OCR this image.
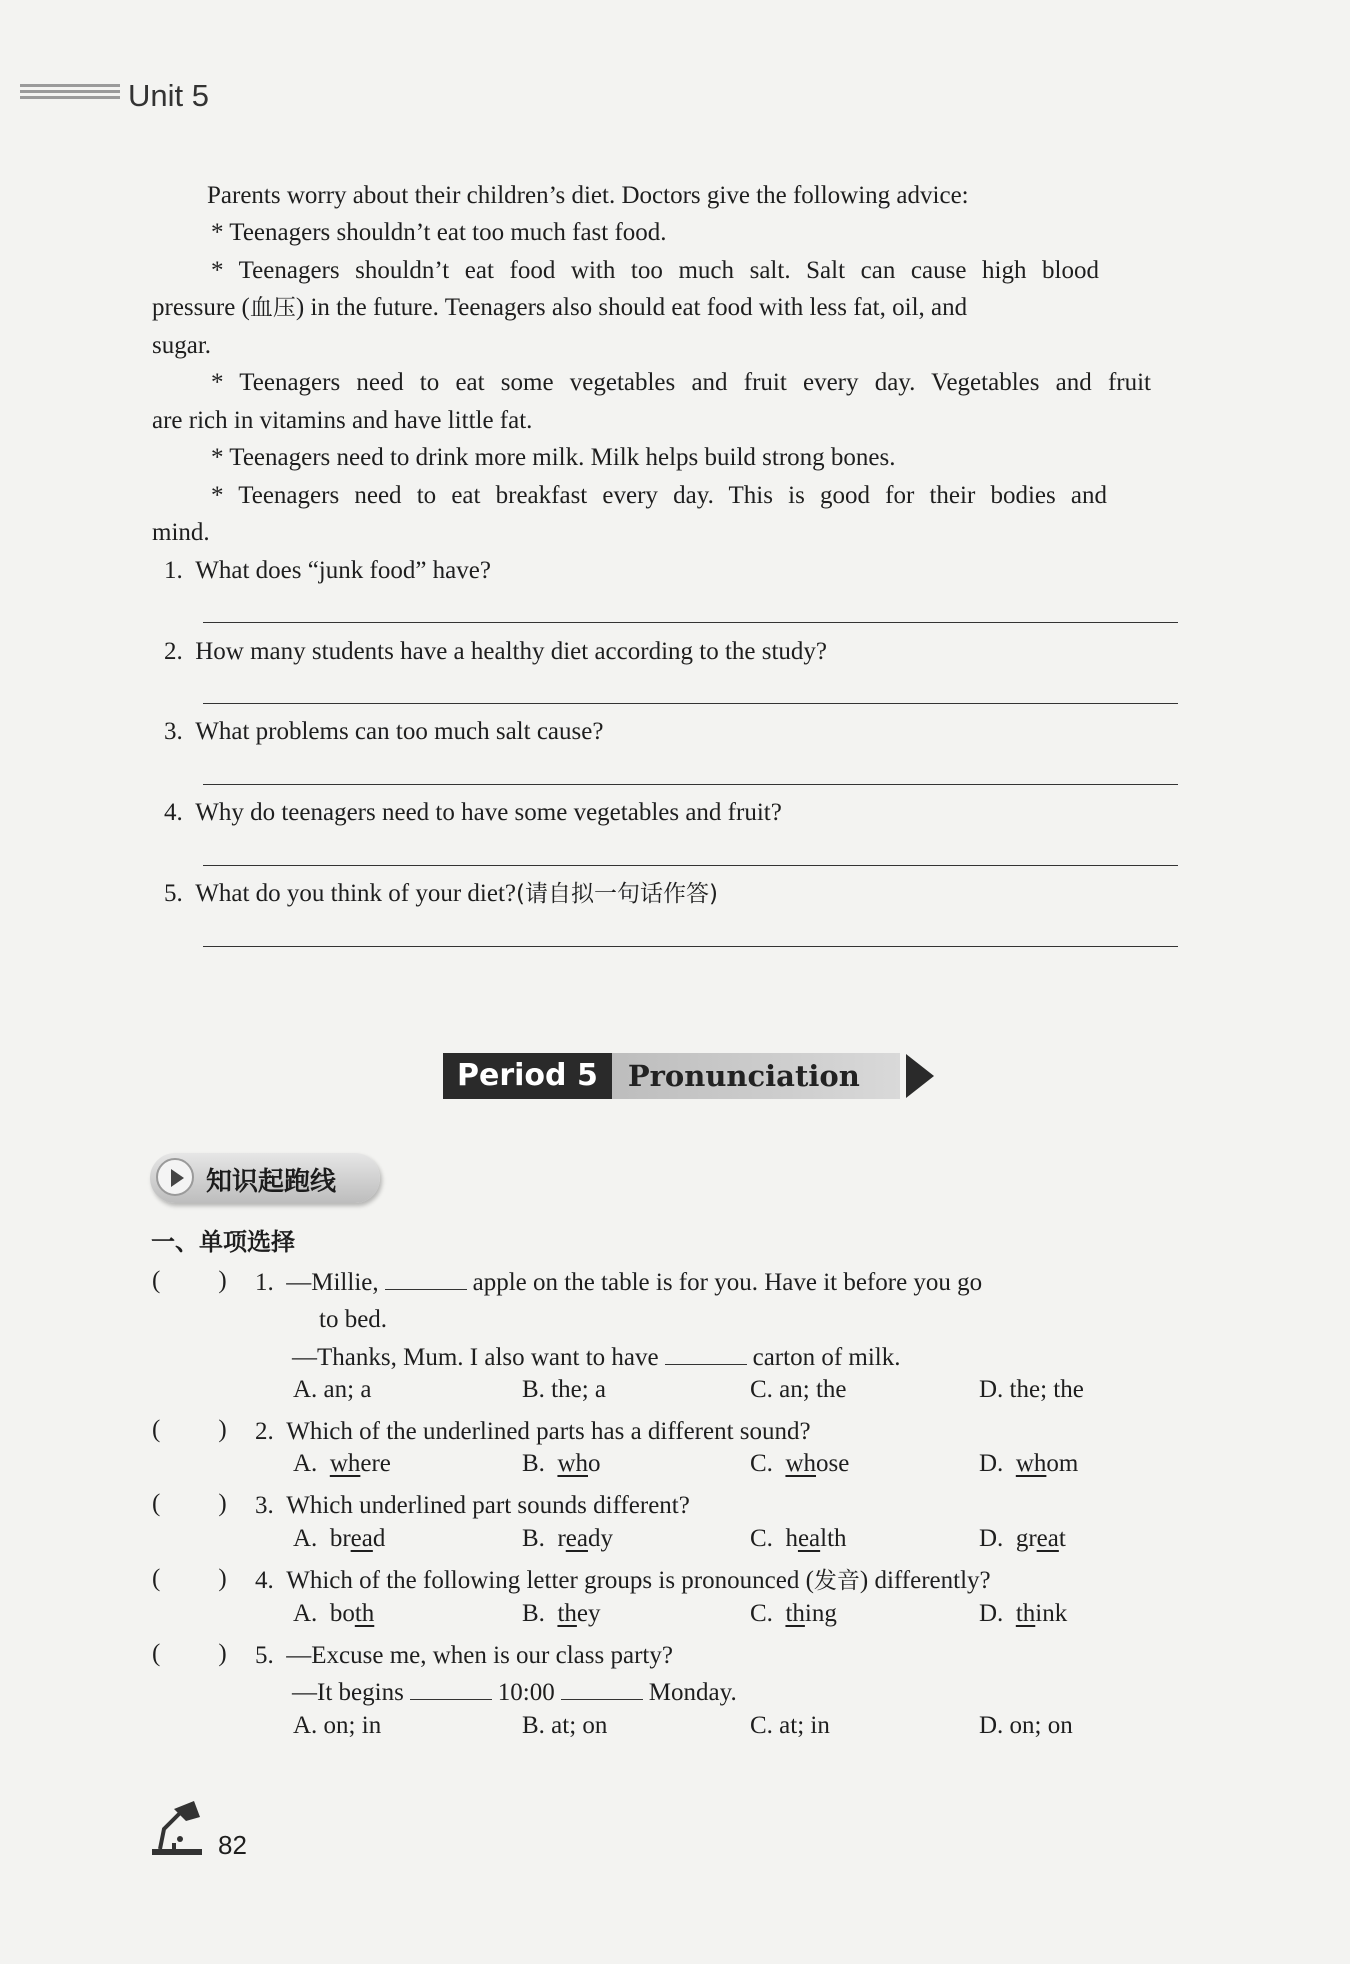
Unit 5
Parents worry about their children’s diet. Doctors give the following advice:
* Teenagers shouldn’t eat too much fast food.
* Teenagers shouldn’t eat food with too much salt. Salt can cause high blood
pressure (血压) in the future. Teenagers also should eat food with less fat, oil, and
sugar.
* Teenagers need to eat some vegetables and fruit every day. Vegetables and fruit
are rich in vitamins and have little fat.
* Teenagers need to drink more milk. Milk helps build strong bones.
* Teenagers need to eat breakfast every day. This is good for their bodies and
mind.
1. What does “junk food” have?
2. How many students have a healthy diet according to the study?
3. What problems can too much salt cause?
4. Why do teenagers need to have some vegetables and fruit?
5. What do you think of your diet?(请自拟一句话作答)
Period 5	Pronunciation
知识起跑线
一、单项选择
( ) 1. —Millie,	apple on the table is for you. Have it before you go
to bed.
—Thanks, Mum. I also want to have	carton of milk.
A. an; a	B. the; a	C. an; the	D. the; the
( ) 2. Which of the underlined parts has a different sound?
A. where	B. who	C. whose	D. whom
( ) 3. Which underlined part sounds different?
A. bread	B. ready	C. health	D. great
( ) 4. Which of the following letter groups is pronounced (发音) differently?
A. both	B. they	C. thing	D. think
( ) 5. —Excuse me, when is our class party?
—It begins	10:00	Monday.
A. on; in	B. at; on	C. at; in	D. on; on
82
